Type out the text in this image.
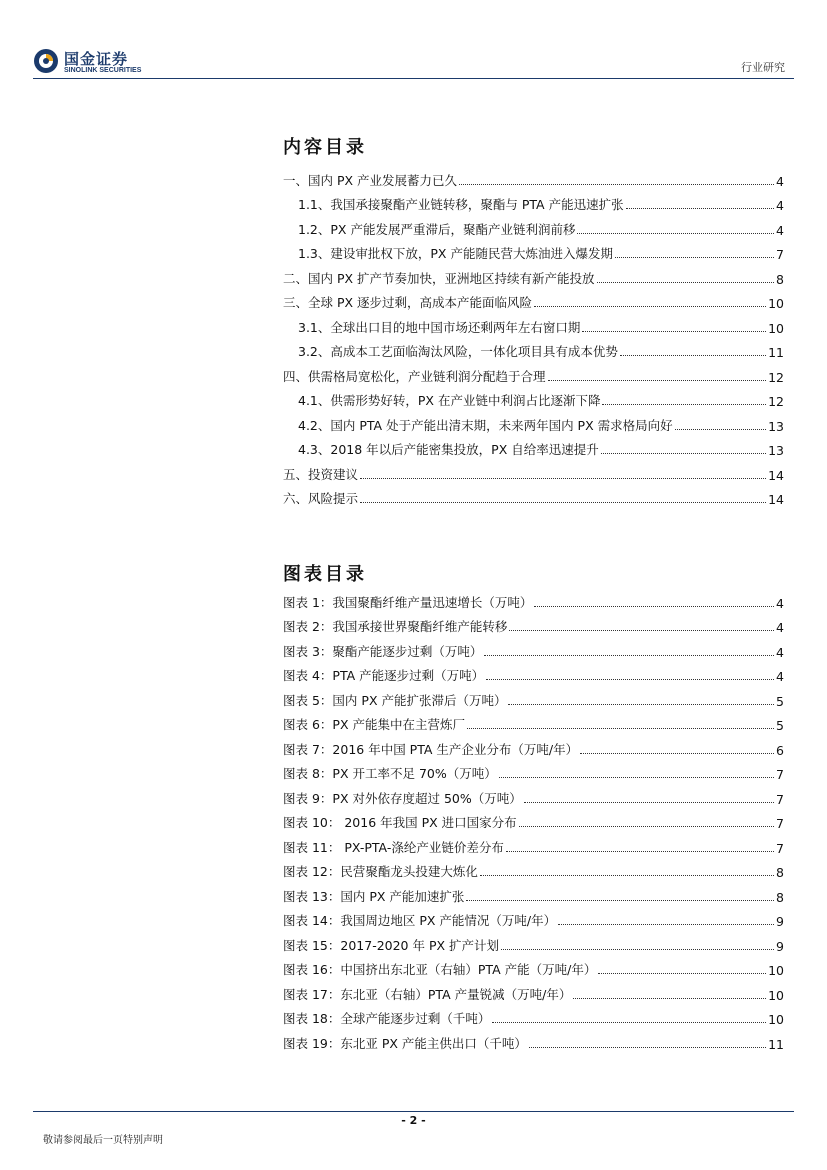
国金证券
SINOLINK SECURITIES	行业研究
内容目录
一、国内 PX 产业发展蓄力已久	4
1.1、我国承接聚酯产业链转移，聚酯与 PTA 产能迅速扩张	4
1.2、PX 产能发展严重滞后，聚酯产业链利润前移	4
1.3、建设审批权下放，PX 产能随民营大炼油进入爆发期	7
二、国内 PX 扩产节奏加快，亚洲地区持续有新产能投放	8
三、全球 PX 逐步过剩，高成本产能面临风险	10
3.1、全球出口目的地中国市场还剩两年左右窗口期	10
3.2、高成本工艺面临淘汰风险，一体化项目具有成本优势	11
四、供需格局宽松化，产业链利润分配趋于合理	12
4.1、供需形势好转，PX 在产业链中利润占比逐渐下降	12
4.2、国内 PTA 处于产能出清末期，未来两年国内 PX 需求格局向好	13
4.3、2018 年以后产能密集投放，PX 自给率迅速提升	13
五、投资建议	14
六、风险提示	14
图表目录
图表 1：我国聚酯纤维产量迅速增长（万吨）	4
图表 2：我国承接世界聚酯纤维产能转移	4
图表 3：聚酯产能逐步过剩（万吨）	4
图表 4：PTA 产能逐步过剩（万吨）	4
图表 5：国内 PX 产能扩张滞后（万吨）	5
图表 6：PX 产能集中在主营炼厂	5
图表 7：2016 年中国 PTA 生产企业分布（万吨/年）	6
图表 8：PX 开工率不足 70%（万吨）	7
图表 9：PX 对外依存度超过 50%（万吨）	7
图表 10： 2016 年我国 PX 进口国家分布	7
图表 11： PX-PTA-涤纶产业链价差分布	7
图表 12：民营聚酯龙头投建大炼化	8
图表 13：国内 PX 产能加速扩张	8
图表 14：我国周边地区 PX 产能情况（万吨/年）	9
图表 15：2017-2020 年 PX 扩产计划	9
图表 16：中国挤出东北亚（右轴）PTA 产能（万吨/年）	10
图表 17：东北亚（右轴）PTA 产量锐减（万吨/年）	10
图表 18：全球产能逐步过剩（千吨）	10
图表 19：东北亚 PX 产能主供出口（千吨）	11
- 2 -
敬请参阅最后一页特别声明
